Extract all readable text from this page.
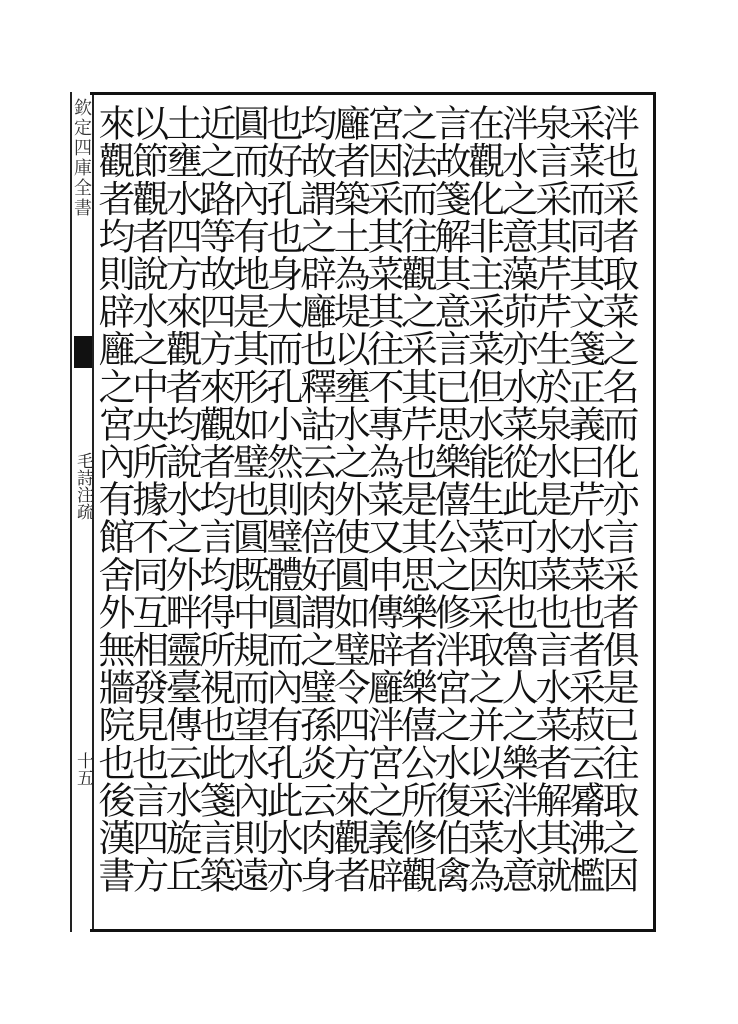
欽定四庫全書
毛詩注疏
十五	泮也采者取菜之名而化亦言采者俱是已往取之因
采菜而同其文箋正義曰芹水菜也者采菽云觱沸檻
泉言采其芹芹生於泉水是水菜也言水菜者解其就
泮水之意藻茆亦水菜從此可知也魯人之樂泮水意
在觀化非主采菜但水能生菜因采取之并以采菜為
言故箋解其意言已思樂僖公之修泮宮之水復伯禽
之法而往觀之采其芹也是其思樂者樂僖公所修觀
宮因采其菜其往不專為菜又申傳辟廱泮宮之義辟
廱者築土為堤以壅水之外使圓如璧令四方來觀者
均故謂之辟廱也釋詁云肉倍好謂之璧孫炎云肉身
也好孔也身大而孔小然則璧體圓而內有孔此水亦
圓而內有地是其形如璧也圓既中規而望水內則遠
近之路等故四方來觀者均言均得所視也此箋言築
土壅水四方來觀者均說水之外畔靈臺傳云水旋丘
以節觀者說水之中央所據不同互相發見也言四方
來觀者均則辟廱之宮內有館舍外無牆院也後漢書
